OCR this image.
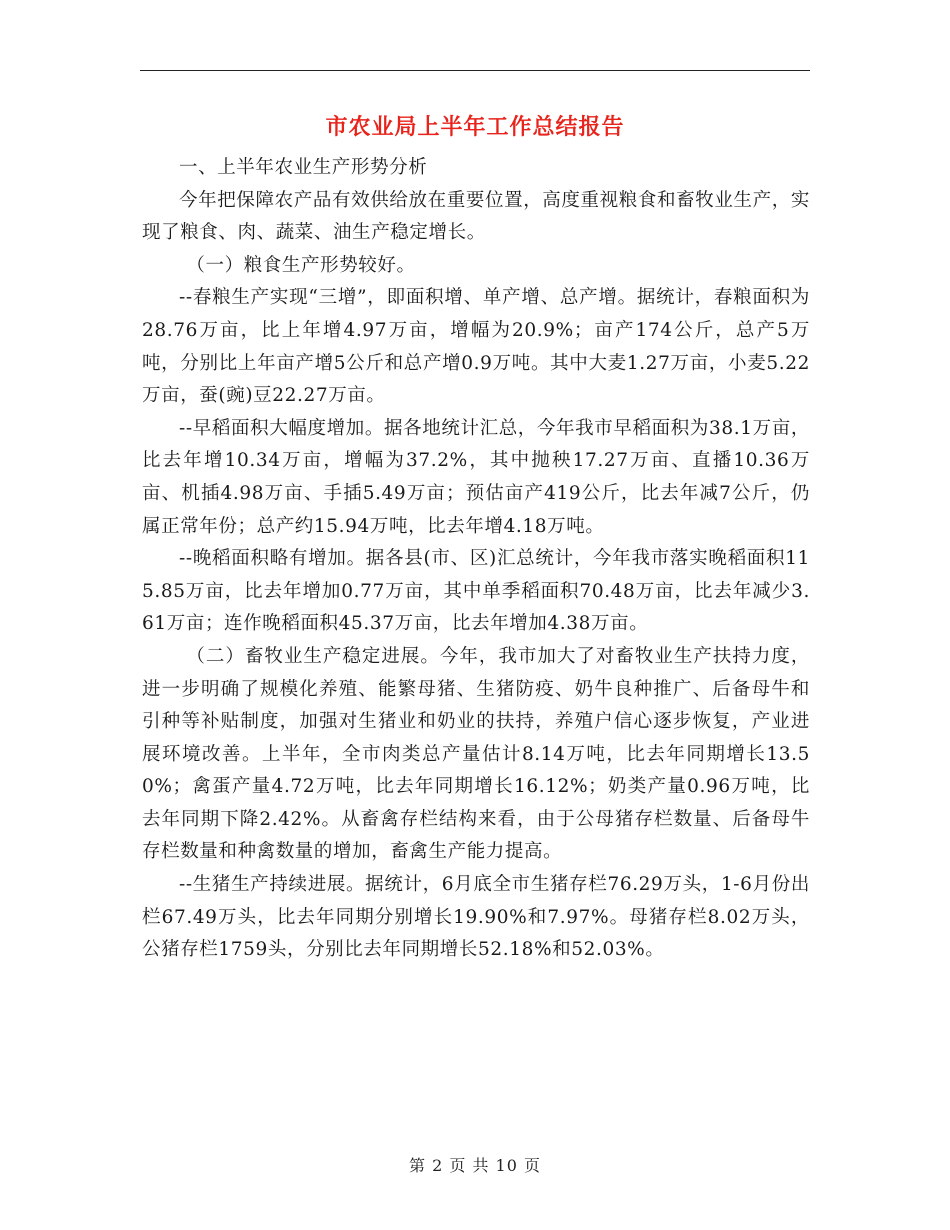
市农业局上半年工作总结报告

一、上半年农业生产形势分析

今年把保障农产品有效供给放在重要位置，高度重视粮食和畜牧业生产，实现了粮食、肉、蔬菜、油生产稳定增长。

（一）粮食生产形势较好。

--春粮生产实现“三增”，即面积增、单产增、总产增。据统计，春粮面积为28.76万亩，比上年增4.97万亩，增幅为20.9%；亩产174公斤，总产5万吨，分别比上年亩产增5公斤和总产增0.9万吨。其中大麦1.27万亩，小麦5.22万亩，蚕(豌)豆22.27万亩。

--早稻面积大幅度增加。据各地统计汇总，今年我市早稻面积为38.1万亩，比去年增10.34万亩，增幅为37.2%，其中抛秧17.27万亩、直播10.36万亩、机插4.98万亩、手插5.49万亩；预估亩产419公斤，比去年减7公斤，仍属正常年份；总产约15.94万吨，比去年增4.18万吨。

--晚稻面积略有增加。据各县(市、区)汇总统计，今年我市落实晚稻面积115.85万亩，比去年增加0.77万亩，其中单季稻面积70.48万亩，比去年减少3.61万亩；连作晚稻面积45.37万亩，比去年增加4.38万亩。

（二）畜牧业生产稳定进展。今年，我市加大了对畜牧业生产扶持力度，进一步明确了规模化养殖、能繁母猪、生猪防疫、奶牛良种推广、后备母牛和引种等补贴制度，加强对生猪业和奶业的扶持，养殖户信心逐步恢复，产业进展环境改善。上半年，全市肉类总产量估计8.14万吨，比去年同期增长13.50%；禽蛋产量4.72万吨，比去年同期增长16.12%；奶类产量0.96万吨，比去年同期下降2.42%。从畜禽存栏结构来看，由于公母猪存栏数量、后备母牛存栏数量和种禽数量的增加，畜禽生产能力提高。

--生猪生产持续进展。据统计，6月底全市生猪存栏76.29万头，1-6月份出栏67.49万头，比去年同期分别增长19.90%和7.97%。母猪存栏8.02万头，公猪存栏1759头，分别比去年同期增长52.18%和52.03%。

第 2 页 共 10 页
